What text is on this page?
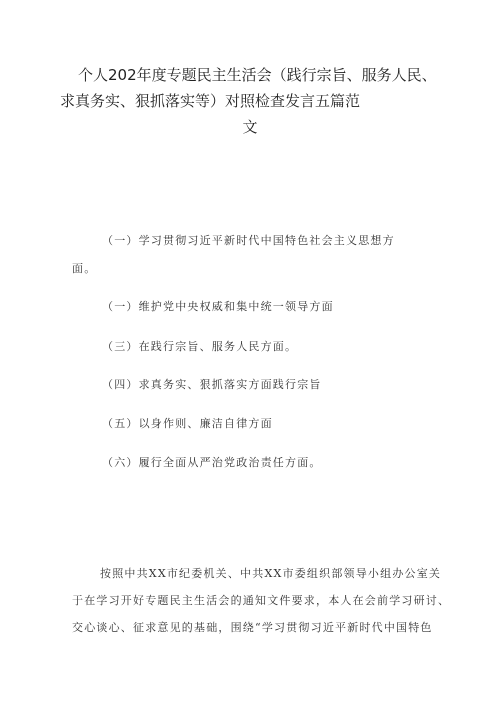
个人202年度专题民主生活会（践行宗旨、服务人民、
求真务实、狠抓落实等）对照检查发言五篇范
文
（一）学习贯彻习近平新时代中国特色社会主义思想方
面。
（一）维护党中央权威和集中统一领导方面
（三）在践行宗旨、服务人民方面。
（四）求真务实、狠抓落实方面践行宗旨
（五）以身作则、廉洁自律方面
（六）履行全面从严治党政治责任方面。
按照中共XX市纪委机关、中共XX市委组织部领导小组办公室关
于在学习开好专题民主生活会的通知文件要求，本人在会前学习研讨、
交心谈心、征求意见的基础，围绕“学习贯彻习近平新时代中国特色
